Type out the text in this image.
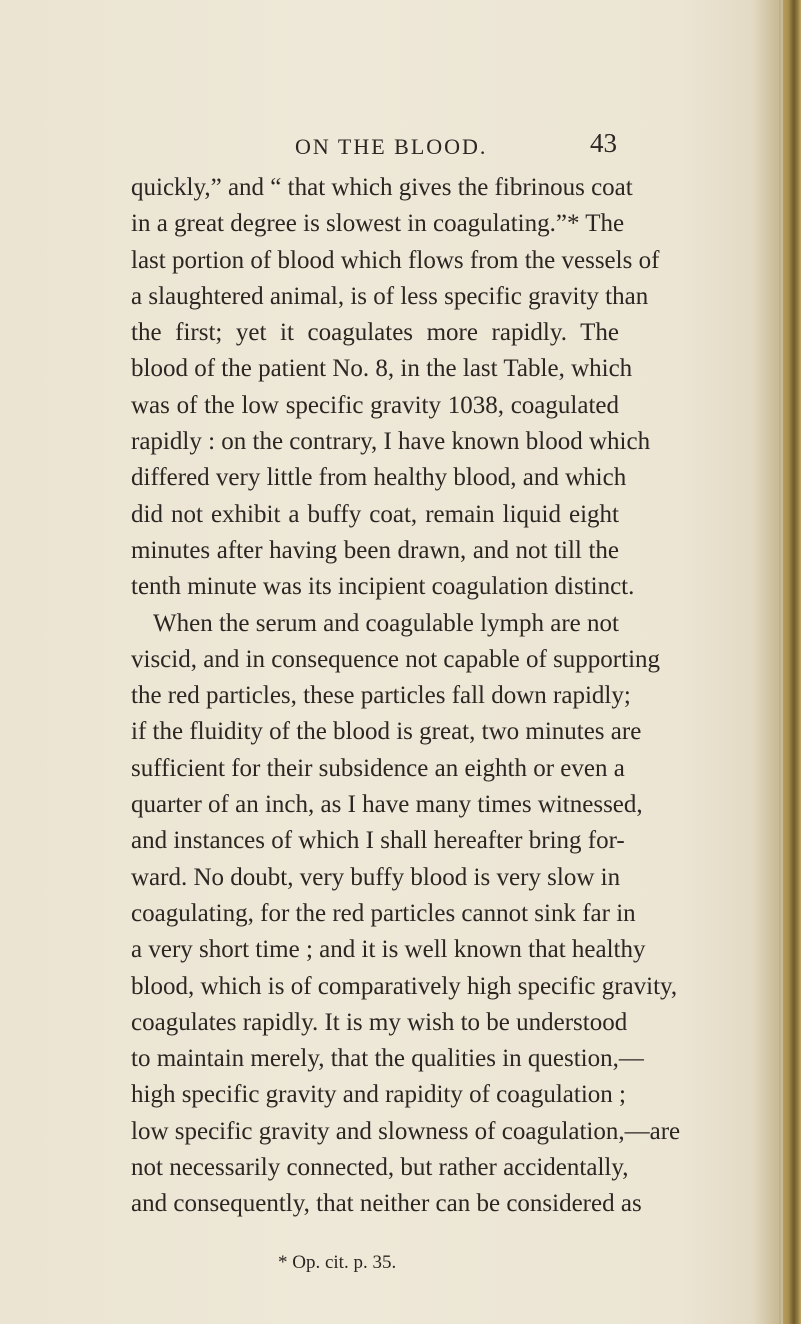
ON THE BLOOD.	43
quickly,” and “ that which gives the fibrinous coat
in a great degree is slowest in coagulating.”* The
last portion of blood which flows from the vessels of
a slaughtered animal, is of less specific gravity than
the first; yet it coagulates more rapidly. The
blood of the patient No. 8, in the last Table, which
was of the low specific gravity 1038, coagulated
rapidly : on the contrary, I have known blood which
differed very little from healthy blood, and which
did not exhibit a buffy coat, remain liquid eight
minutes after having been drawn, and not till the
tenth minute was its incipient coagulation distinct.
When the serum and coagulable lymph are not
viscid, and in consequence not capable of supporting
the red particles, these particles fall down rapidly;
if the fluidity of the blood is great, two minutes are
sufficient for their subsidence an eighth or even a
quarter of an inch, as I have many times witnessed,
and instances of which I shall hereafter bring for-
ward. No doubt, very buffy blood is very slow in
coagulating, for the red particles cannot sink far in
a very short time ; and it is well known that healthy
blood, which is of comparatively high specific gravity,
coagulates rapidly. It is my wish to be understood
to maintain merely, that the qualities in question,—
high specific gravity and rapidity of coagulation ;
low specific gravity and slowness of coagulation,—are
not necessarily connected, but rather accidentally,
and consequently, that neither can be considered as
* Op. cit. p. 35.
